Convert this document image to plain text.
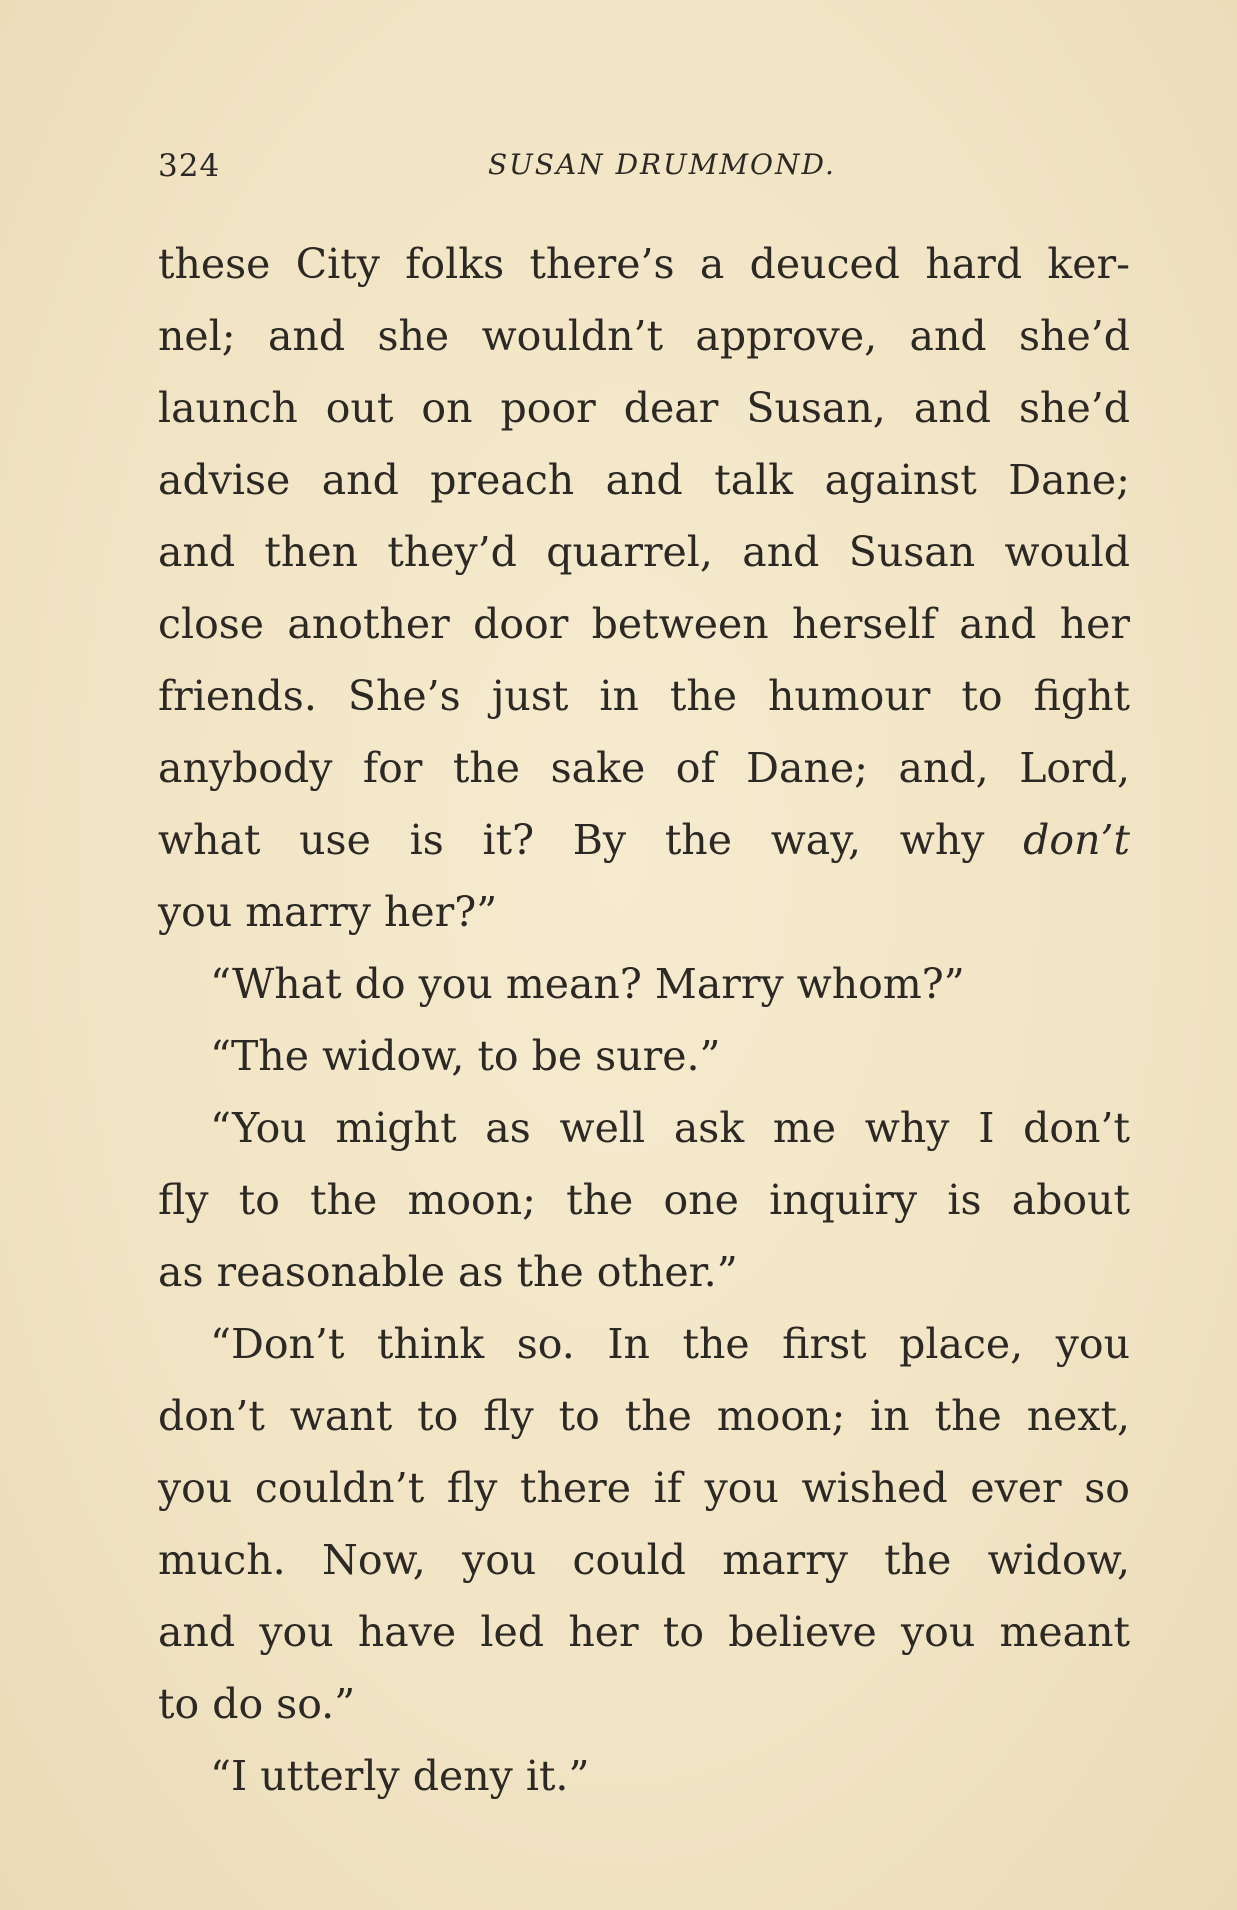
324	SUSAN DRUMMOND.
these City folks there’s a deuced hard ker-
nel; and she wouldn’t approve, and she’d
launch out on poor dear Susan, and she’d
advise and preach and talk against Dane;
and then they’d quarrel, and Susan would
close another door between herself and her
friends. She’s just in the humour to fight
anybody for the sake of Dane; and, Lord,
what use is it? By the way, why don’t
you marry her?”
“What do you mean? Marry whom?”
“The widow, to be sure.”
“You might as well ask me why I don’t
fly to the moon; the one inquiry is about
as reasonable as the other.”
“Don’t think so. In the first place, you
don’t want to fly to the moon; in the next,
you couldn’t fly there if you wished ever so
much. Now, you could marry the widow,
and you have led her to believe you meant
to do so.”
“I utterly deny it.”
